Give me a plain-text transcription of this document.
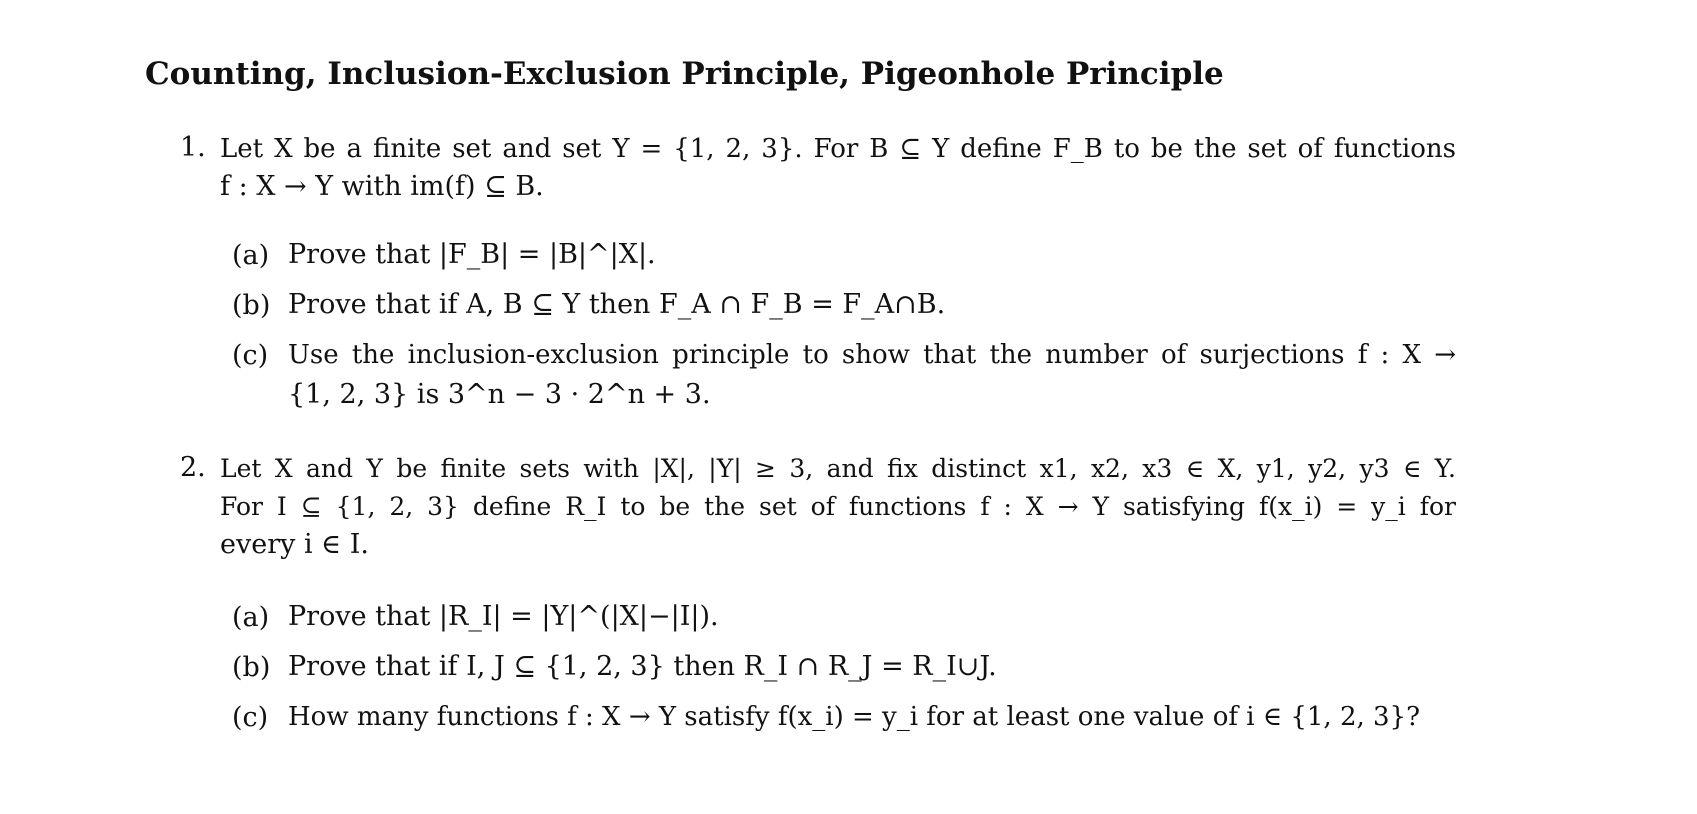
Counting, Inclusion-Exclusion Principle, Pigeonhole Principle
1. Let X be a finite set and set Y = {1, 2, 3}. For B ⊆ Y define F_B to be the set of functions
f : X → Y with im(f) ⊆ B.
(a) Prove that |F_B| = |B|^|X|.
(b) Prove that if A, B ⊆ Y then F_A ∩ F_B = F_A∩B.
(c) Use the inclusion-exclusion principle to show that the number of surjections f : X →
{1, 2, 3} is 3^n − 3 · 2^n + 3.
2. Let X and Y be finite sets with |X|, |Y| ≥ 3, and fix distinct x1, x2, x3 ∈ X, y1, y2, y3 ∈ Y.
For I ⊆ {1, 2, 3} define R_I to be the set of functions f : X → Y satisfying f(x_i) = y_i for
every i ∈ I.
(a) Prove that |R_I| = |Y|^(|X|−|I|).
(b) Prove that if I, J ⊆ {1, 2, 3} then R_I ∩ R_J = R_I∪J.
(c) How many functions f : X → Y satisfy f(x_i) = y_i for at least one value of i ∈ {1, 2, 3}?
